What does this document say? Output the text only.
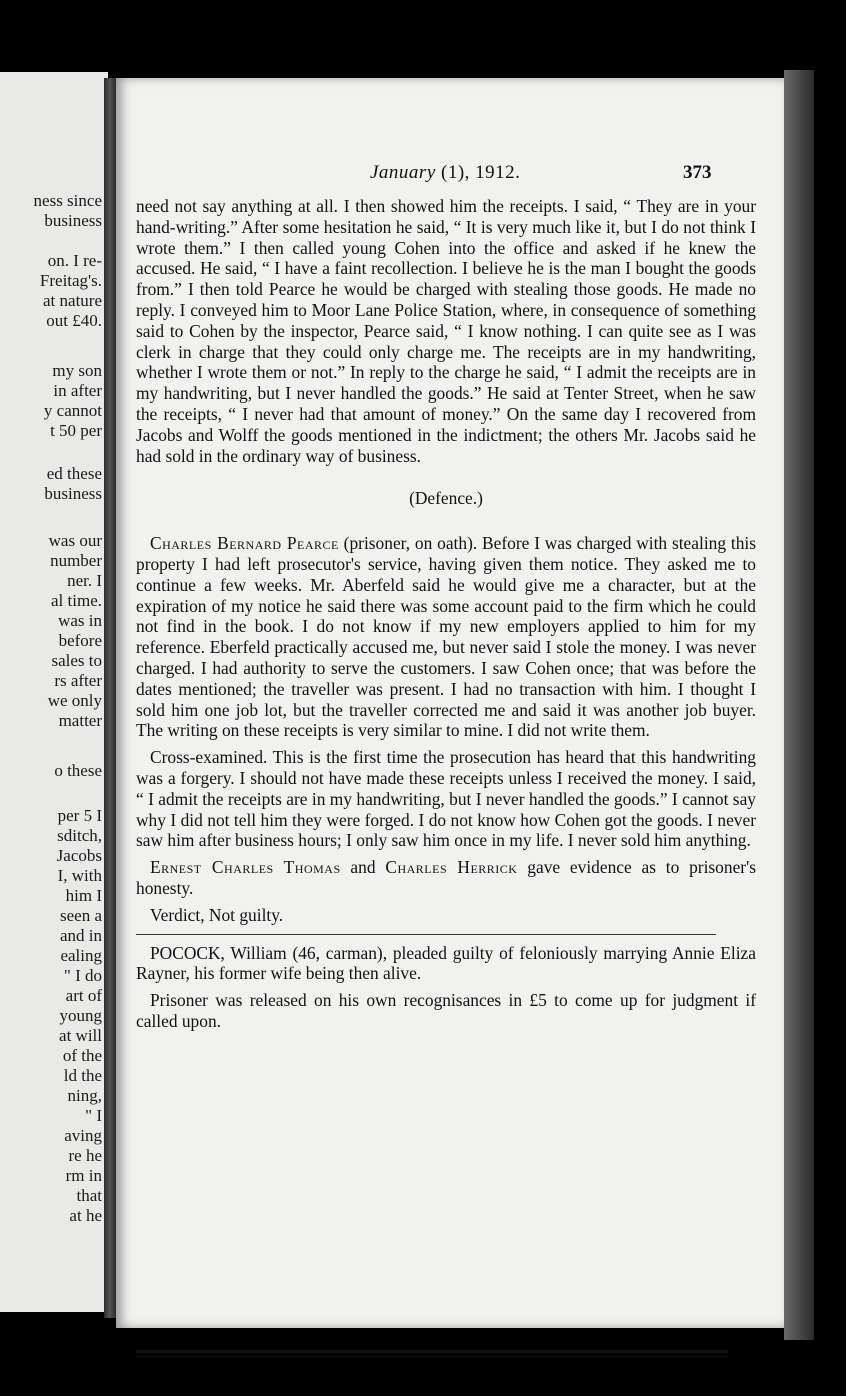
ness since
business
on. I re-
Freitag's.
at nature
out £40.
my son
in after
y cannot
t 50 per
ed these
business
was our
number
ner. I
al time.
was in
before
sales to
rs after
we only
matter
o these
per 5 I
sditch,
Jacobs
I, with
him I
seen a
and in
ealing
" I do
art of
young
at will
of the
ld the
ning,
" I
aving
re he
rm in
that
at he
January (1), 1912.	373

need not say anything at all. I then showed him the receipts. I said, “ They are in your hand-writing.” After some hesitation he said, “ It is very much like it, but I do not think I wrote them.” I then called young Cohen into the office and asked if he knew the accused. He said, “ I have a faint recollection. I believe he is the man I bought the goods from.” I then told Pearce he would be charged with stealing those goods. He made no reply. I conveyed him to Moor Lane Police Station, where, in consequence of something said to Cohen by the inspector, Pearce said, “ I know nothing. I can quite see as I was clerk in charge that they could only charge me. The receipts are in my handwriting, whether I wrote them or not.” In reply to the charge he said, “ I admit the receipts are in my handwriting, but I never handled the goods.” He said at Tenter Street, when he saw the receipts, “ I never had that amount of money.” On the same day I recovered from Jacobs and Wolff the goods mentioned in the indictment; the others Mr. Jacobs said he had sold in the ordinary way of business.

(Defence.)

Charles Bernard Pearce (prisoner, on oath). Before I was charged with stealing this property I had left prosecutor's service, having given them notice. They asked me to continue a few weeks. Mr. Aberfeld said he would give me a character, but at the expiration of my notice he said there was some account paid to the firm which he could not find in the book. I do not know if my new employers applied to him for my reference. Eberfeld practically accused me, but never said I stole the money. I was never charged. I had authority to serve the customers. I saw Cohen once; that was before the dates mentioned; the traveller was present. I had no transaction with him. I thought I sold him one job lot, but the traveller corrected me and said it was another job buyer. The writing on these receipts is very similar to mine. I did not write them.

Cross-examined. This is the first time the prosecution has heard that this handwriting was a forgery. I should not have made these receipts unless I received the money. I said, “ I admit the receipts are in my handwriting, but I never handled the goods.” I cannot say why I did not tell him they were forged. I do not know how Cohen got the goods. I never saw him after business hours; I only saw him once in my life. I never sold him anything.

Ernest Charles Thomas and Charles Herrick gave evidence as to prisoner's honesty.

Verdict, Not guilty.

POCOCK, William (46, carman), pleaded guilty of feloniously marrying Annie Eliza Rayner, his former wife being then alive.

Prisoner was released on his own recognisances in £5 to come up for judgment if called upon.
